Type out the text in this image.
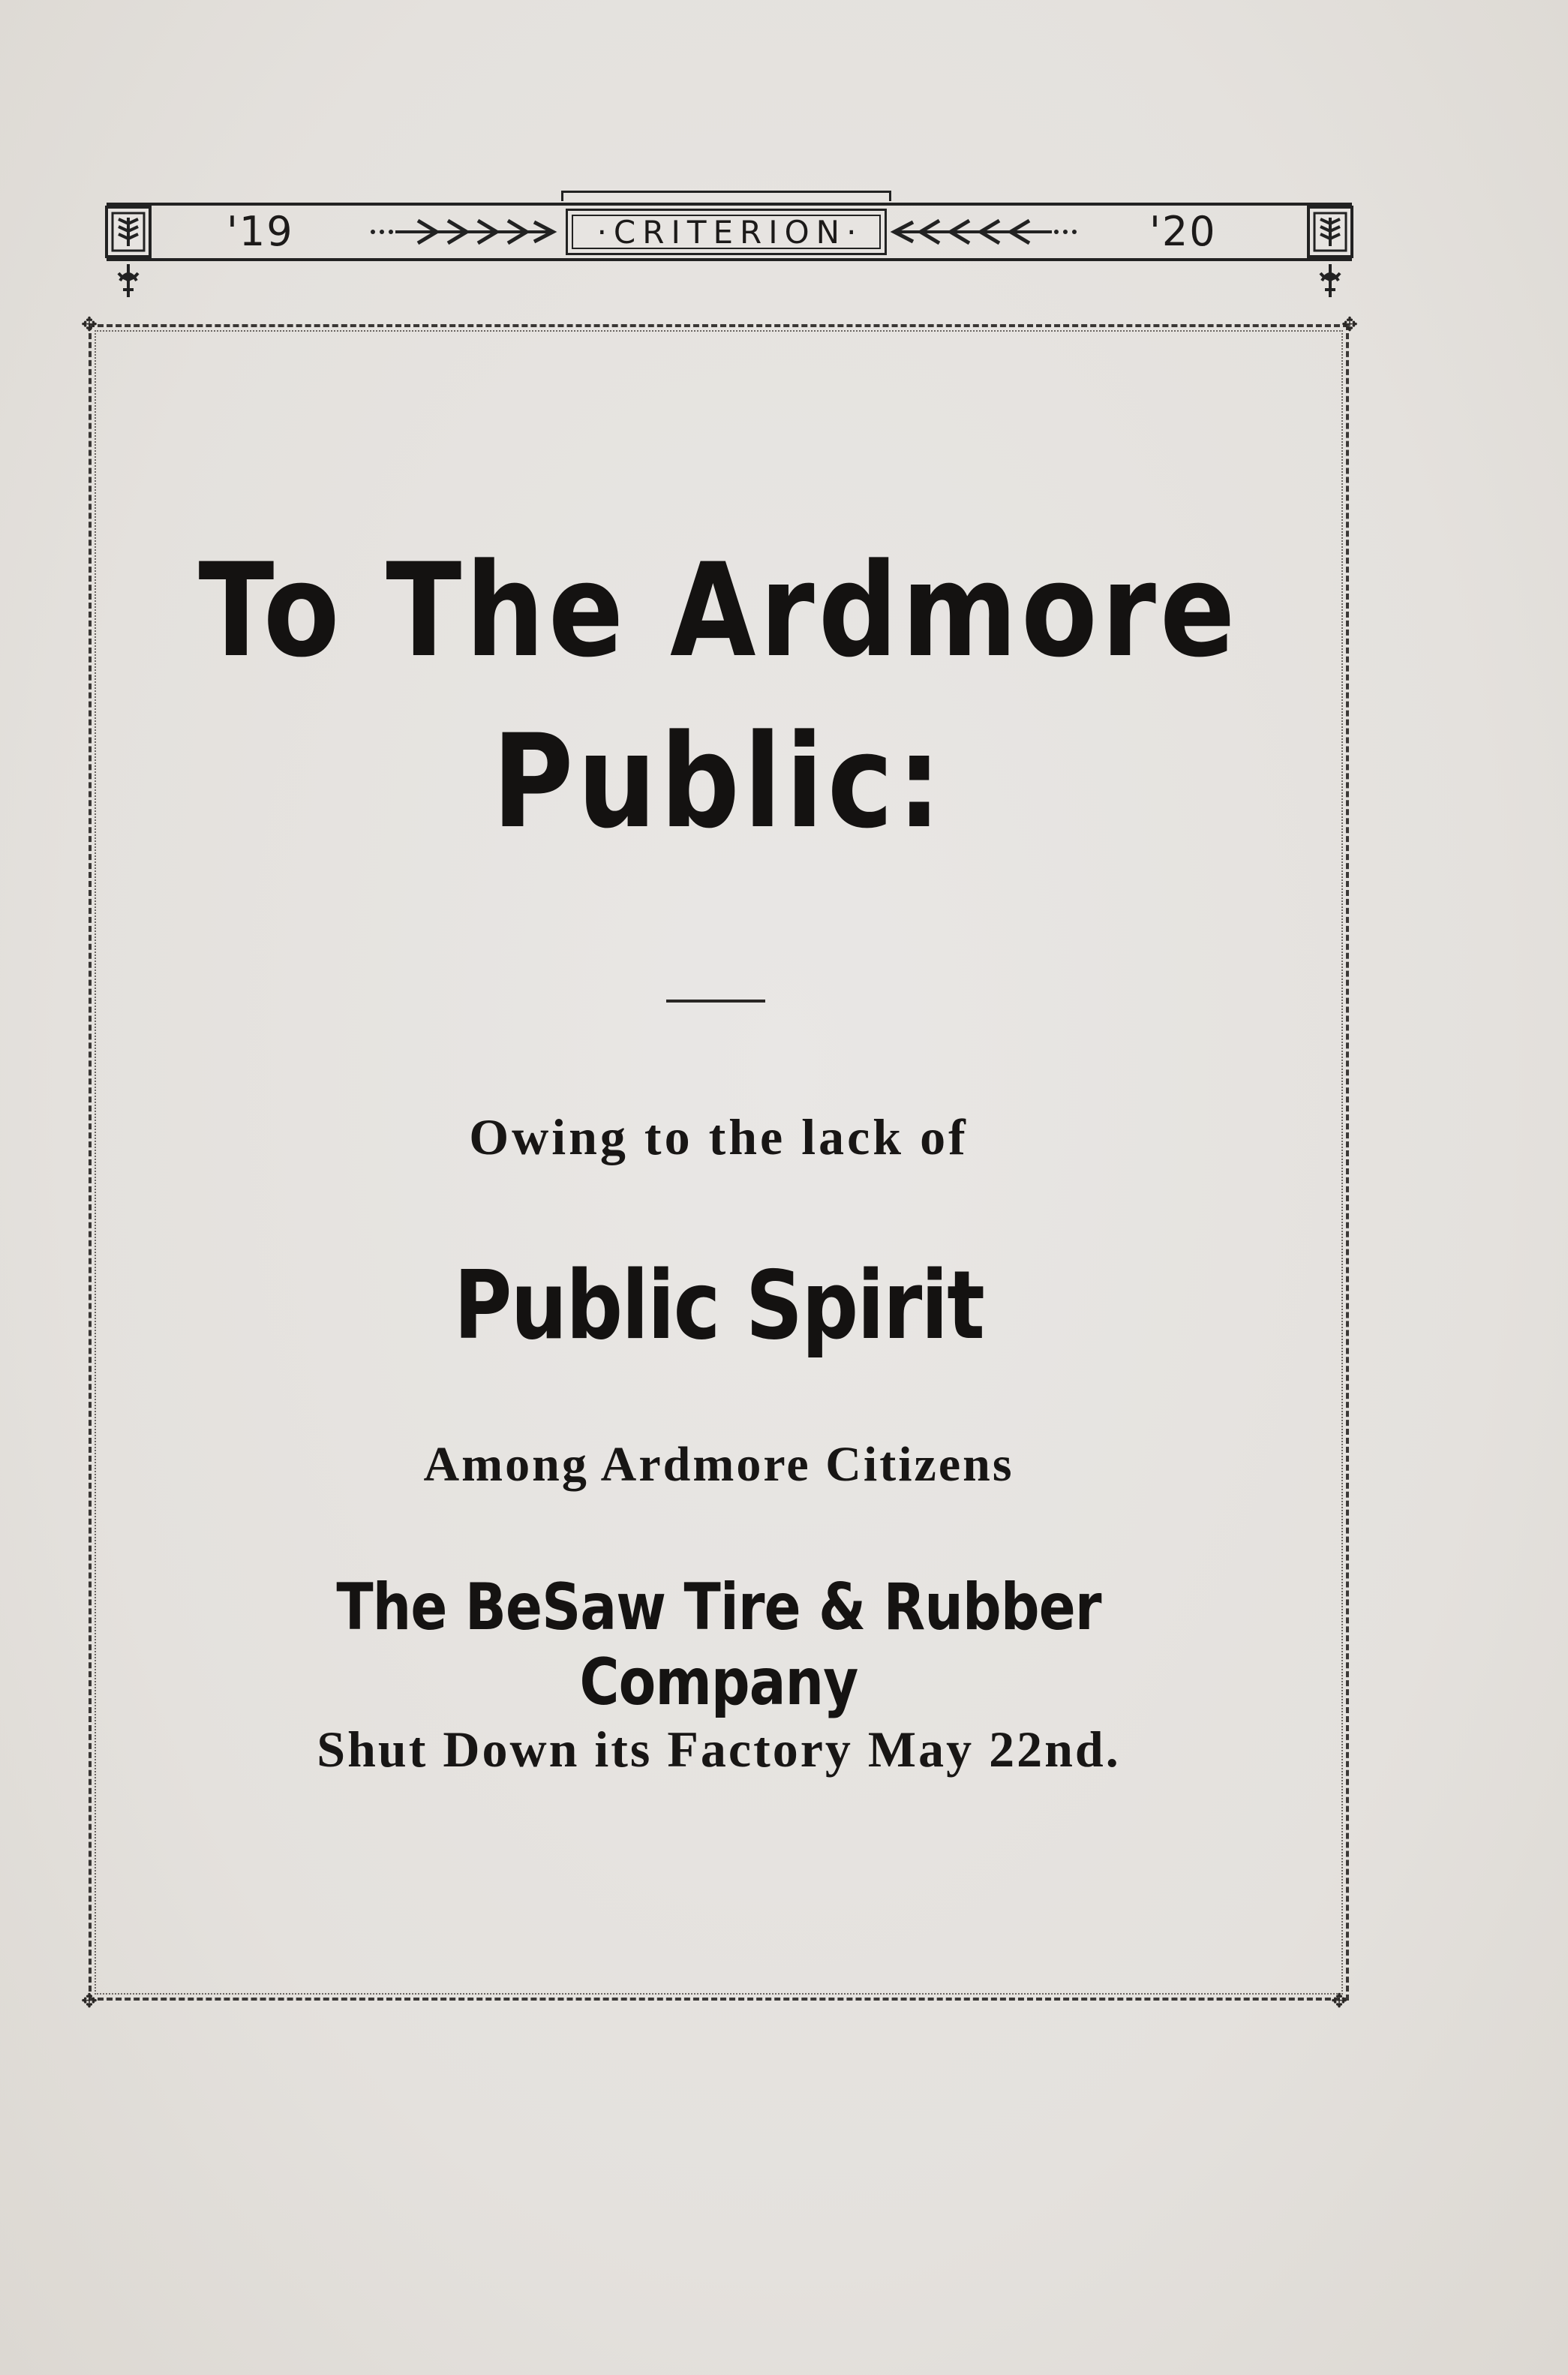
'19	·CRITERION·	'20
✥	✥
✥	✥
To The Ardmore
Public:
Owing to the lack of
Public Spirit
Among Ardmore Citizens
The BeSaw Tire & Rubber Company
Shut Down its Factory May 22nd.
